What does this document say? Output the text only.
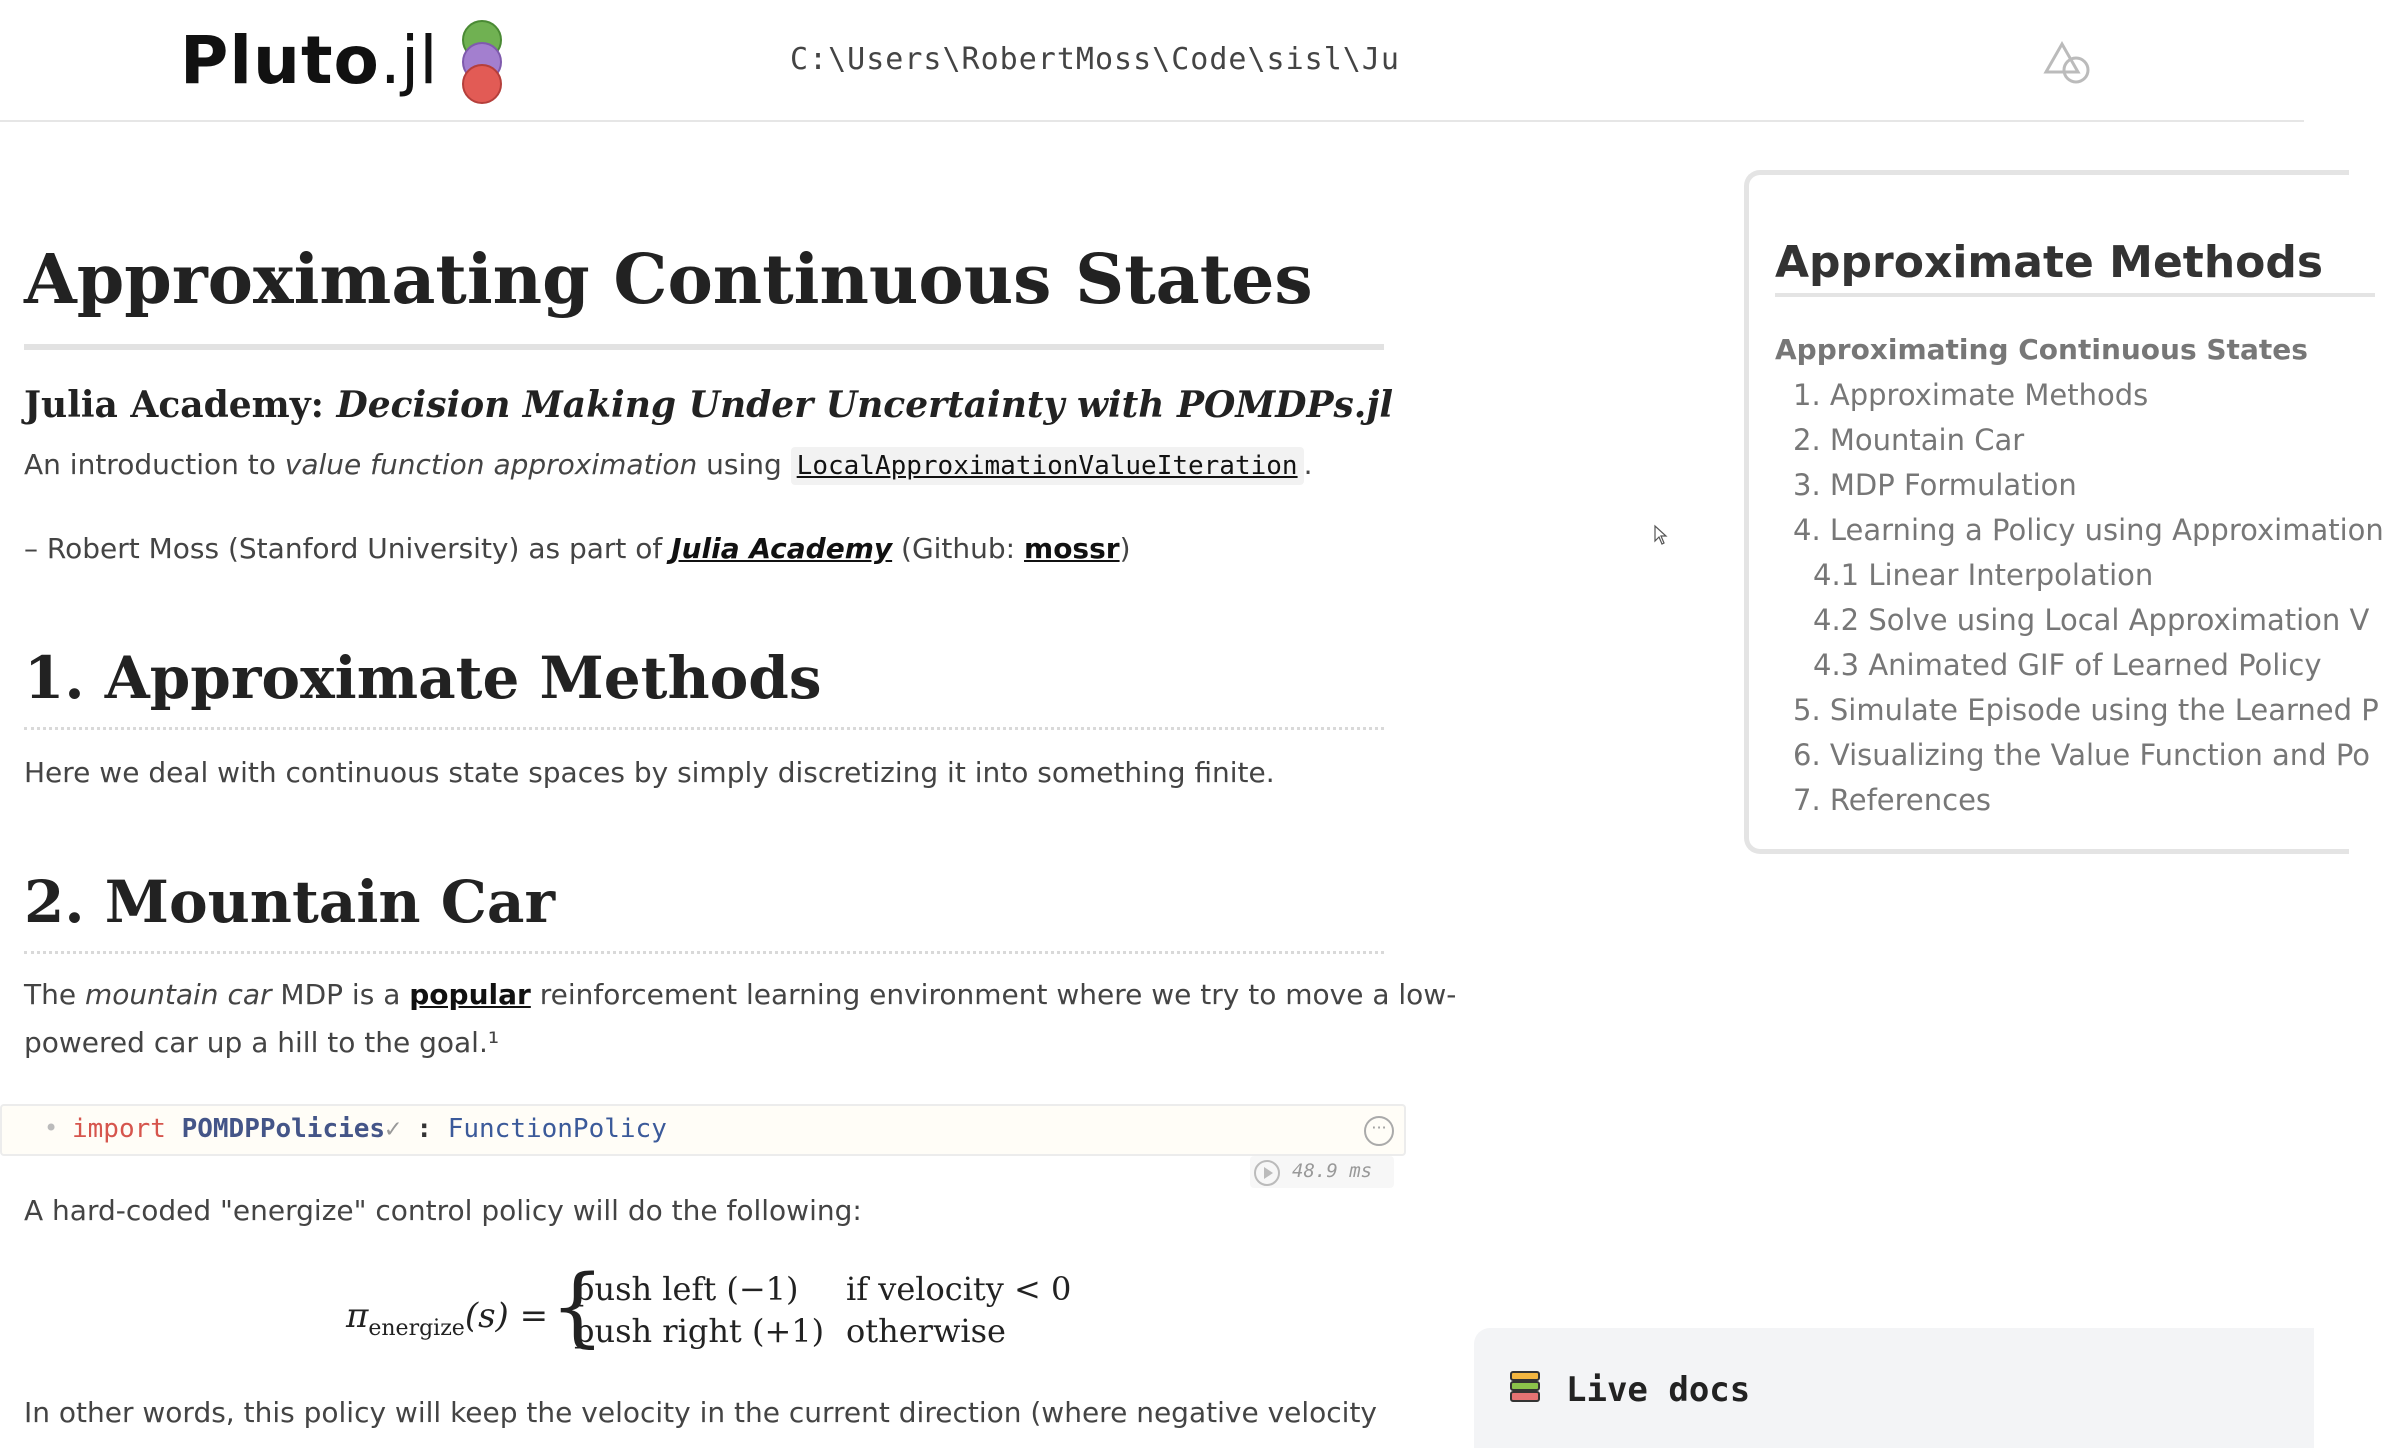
Pluto .jl	C:\Users\RobertMoss\Code\sisl\Ju
Approximating Continuous States
Julia Academy: Decision Making Under Uncertainty with POMDPs.jl
An introduction to value function approximation using LocalApproximationValueIteration .
– Robert Moss (Stanford University) as part of Julia Academy (Github: mossr)
1. Approximate Methods
Here we deal with continuous state spaces by simply discretizing it into something finite.
2. Mountain Car
The mountain car MDP is a popular reinforcement learning environment where we try to move a low-
powered car up a hill to the goal.¹
• import POMDPPolicies✓ : FunctionPolicy	···
48.9 ms
A hard-coded "energize" control policy will do the following:
$\pi_{energize}(s)$ = {
push left (−1) if velocity < 0
push right (+1) otherwise
In other words, this policy will keep the velocity in the current direction (where negative velocity
Approximate Methods
Approximating Continuous States
1. Approximate Methods
2. Mountain Car
3. MDP Formulation
4. Learning a Policy using Approximation
4.1 Linear Interpolation
4.2 Solve using Local Approximation V
4.3 Animated GIF of Learned Policy
5. Simulate Episode using the Learned P
6. Visualizing the Value Function and Po
7. References
Live docs
